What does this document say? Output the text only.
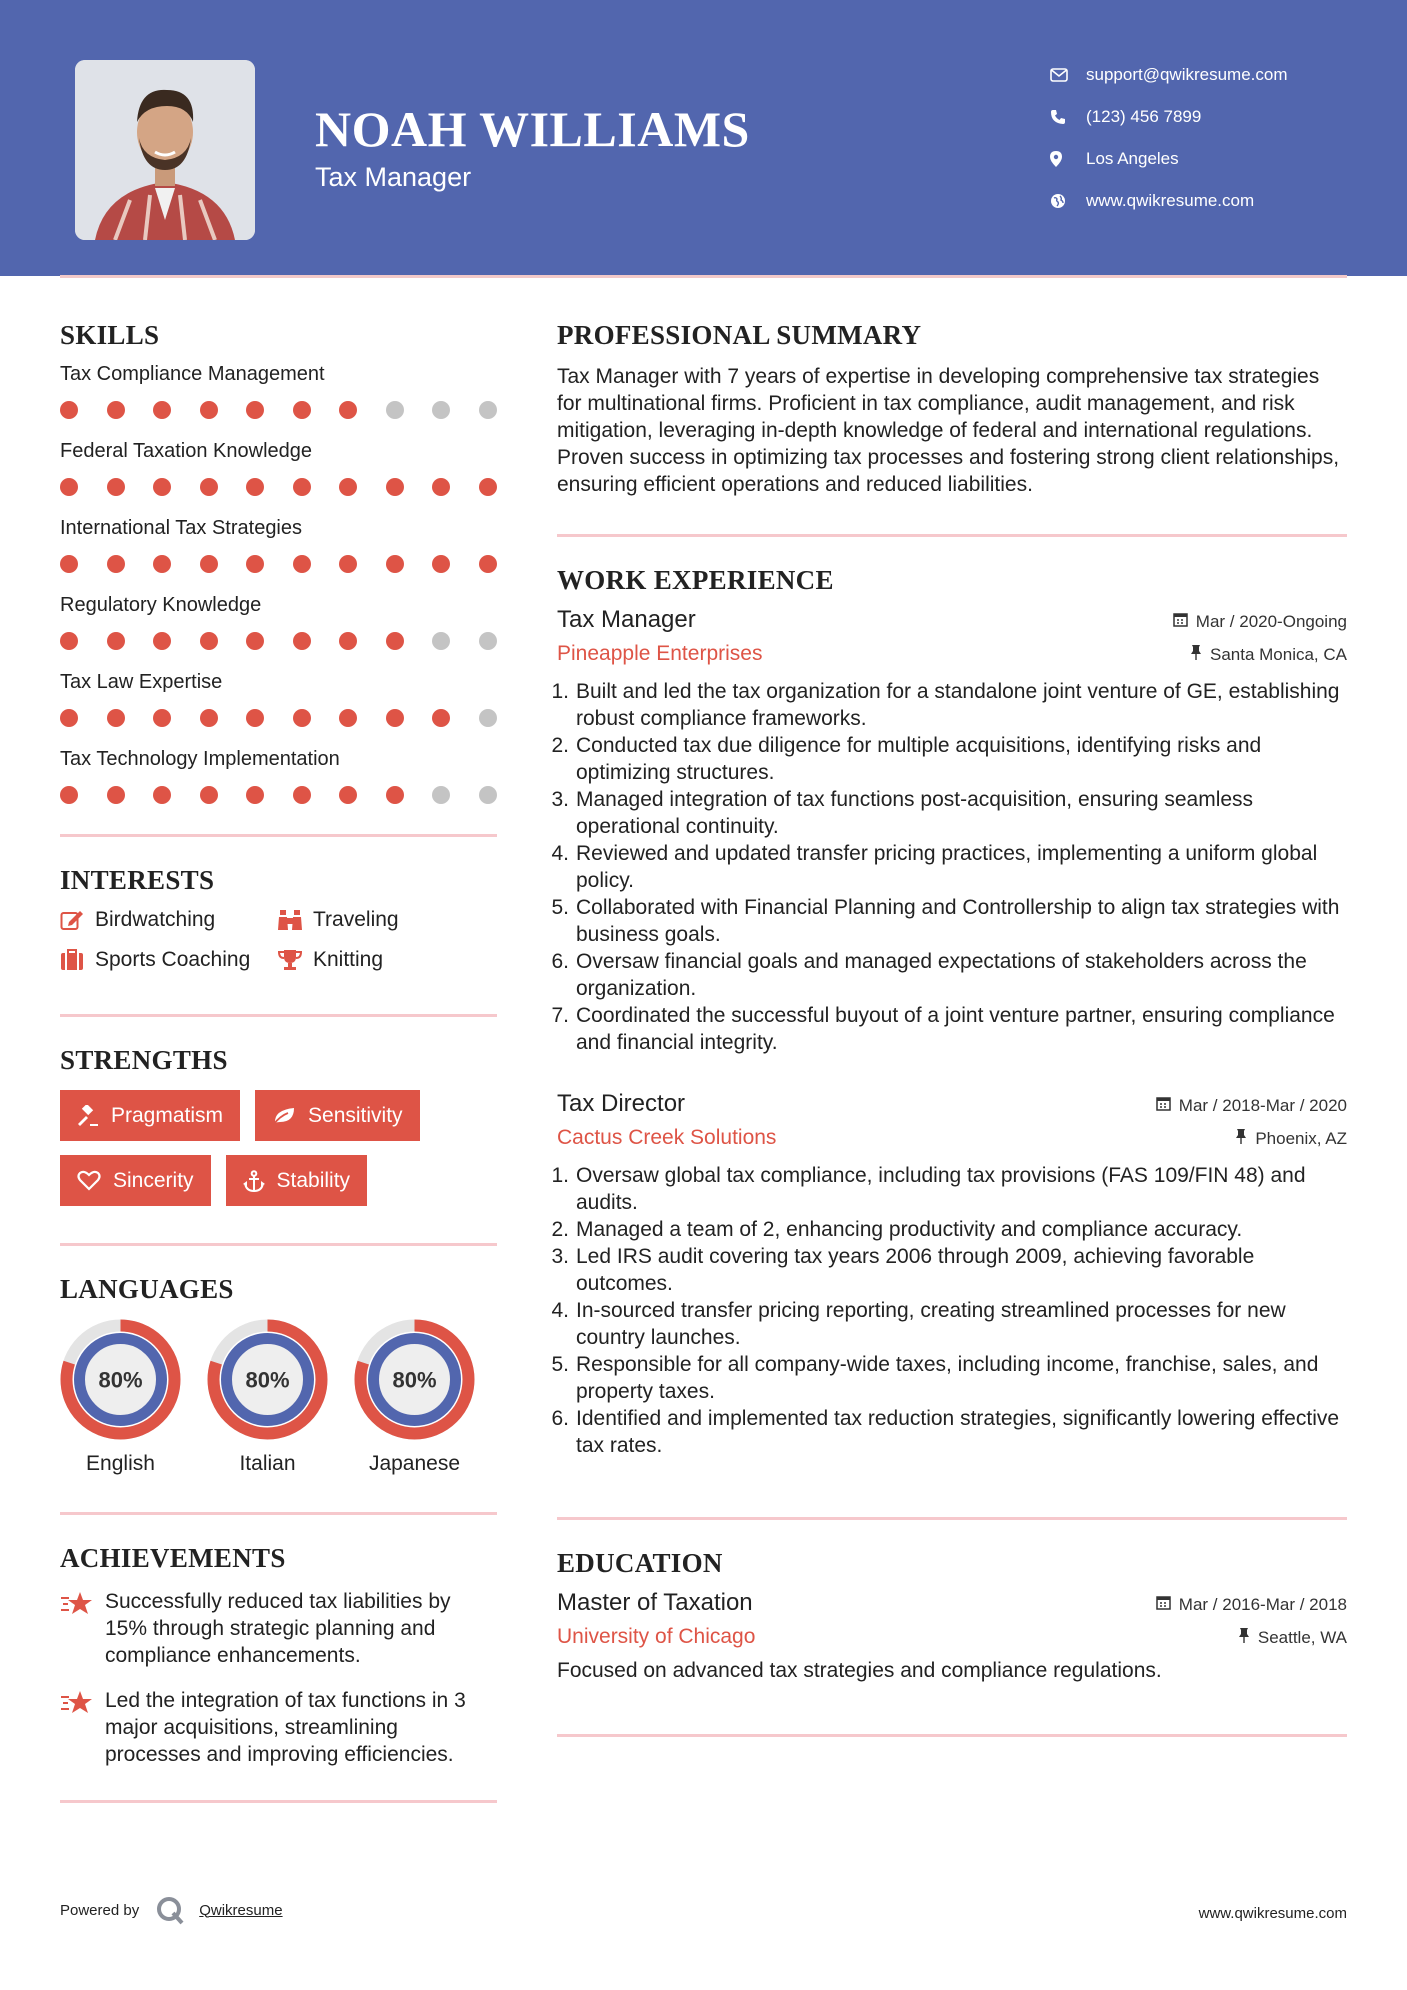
NOAH WILLIAMS
Tax Manager
support@qwikresume.com
(123) 456 7899
Los Angeles
www.qwikresume.com
SKILLS
Tax Compliance Management
Federal Taxation Knowledge
International Tax Strategies
Regulatory Knowledge
Tax Law Expertise
Tax Technology Implementation
INTERESTS
Birdwatching	Traveling
Sports Coaching	Knitting
STRENGTHS
Pragmatism	Sensitivity
Sincerity	Stability
LANGUAGES
80%
English
80%
Italian
80%
Japanese
ACHIEVEMENTS
Successfully reduced tax liabilities by 15% through strategic planning and compliance enhancements.
Led the integration of tax functions in 3 major acquisitions, streamlining processes and improving efficiencies.
PROFESSIONAL SUMMARY
Tax Manager with 7 years of expertise in developing comprehensive tax strategies for multinational firms. Proficient in tax compliance, audit management, and risk mitigation, leveraging in-depth knowledge of federal and international regulations. Proven success in optimizing tax processes and fostering strong client relationships, ensuring efficient operations and reduced liabilities.
WORK EXPERIENCE
Tax Manager	Mar / 2020-Ongoing
Pineapple Enterprises	Santa Monica, CA
1. Built and led the tax organization for a standalone joint venture of GE, establishing robust compliance frameworks.
2. Conducted tax due diligence for multiple acquisitions, identifying risks and optimizing structures.
3. Managed integration of tax functions post-acquisition, ensuring seamless operational continuity.
4. Reviewed and updated transfer pricing practices, implementing a uniform global policy.
5. Collaborated with Financial Planning and Controllership to align tax strategies with business goals.
6. Oversaw financial goals and managed expectations of stakeholders across the organization.
7. Coordinated the successful buyout of a joint venture partner, ensuring compliance and financial integrity.
Tax Director	Mar / 2018-Mar / 2020
Cactus Creek Solutions	Phoenix, AZ
1. Oversaw global tax compliance, including tax provisions (FAS 109/FIN 48) and audits.
2. Managed a team of 2, enhancing productivity and compliance accuracy.
3. Led IRS audit covering tax years 2006 through 2009, achieving favorable outcomes.
4. In-sourced transfer pricing reporting, creating streamlined processes for new country launches.
5. Responsible for all company-wide taxes, including income, franchise, sales, and property taxes.
6. Identified and implemented tax reduction strategies, significantly lowering effective tax rates.
EDUCATION
Master of Taxation	Mar / 2016-Mar / 2018
University of Chicago	Seattle, WA
Focused on advanced tax strategies and compliance regulations.
Powered by	Qwikresume	www.qwikresume.com
